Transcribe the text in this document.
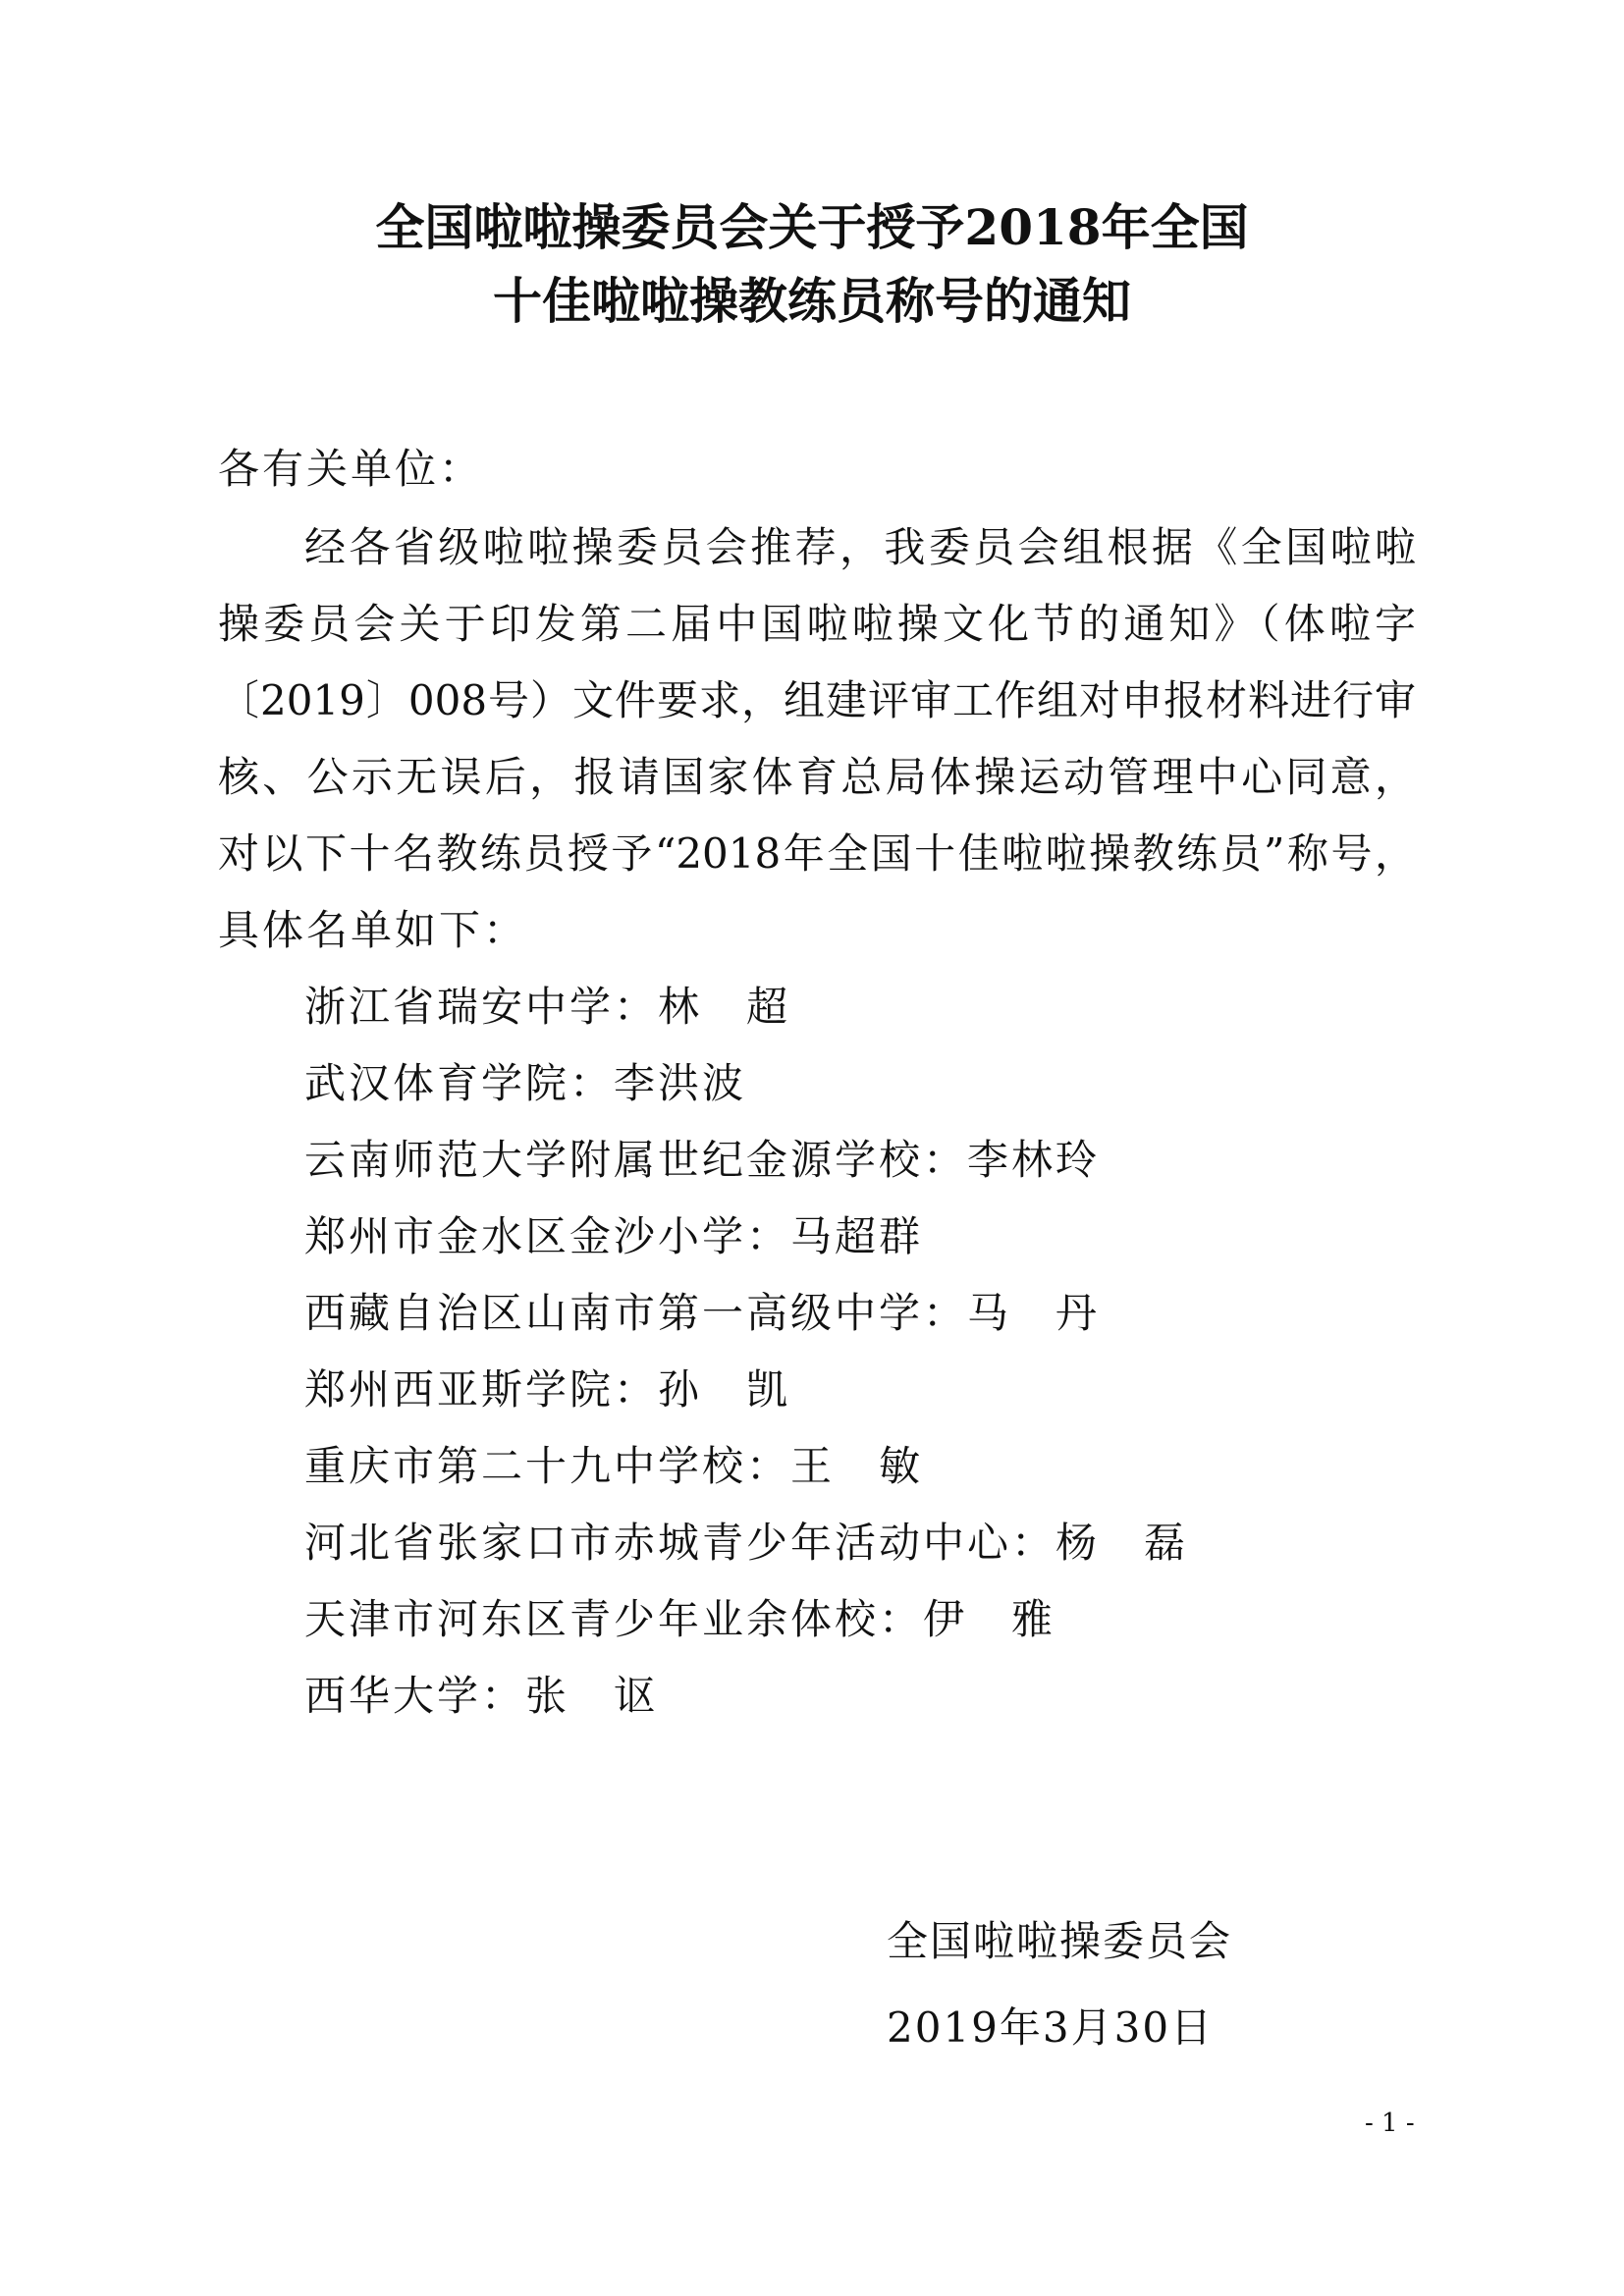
全国啦啦操委员会关于授予2018年全国
十佳啦啦操教练员称号的通知
各有关单位：
经各省级啦啦操委员会推荐，我委员会组根据《全国啦啦
操委员会关于印发第二届中国啦啦操文化节的通知》（体啦字
〔2019〕008号）文件要求，组建评审工作组对申报材料进行审
核、公示无误后，报请国家体育总局体操运动管理中心同意，
对以下十名教练员授予“2018年全国十佳啦啦操教练员”称号，
具体名单如下：
浙江省瑞安中学：林　超
武汉体育学院：李洪波
云南师范大学附属世纪金源学校：李林玲
郑州市金水区金沙小学：马超群
西藏自治区山南市第一高级中学：马　丹
郑州西亚斯学院：孙　凯
重庆市第二十九中学校：王　敏
河北省张家口市赤城青少年活动中心：杨　磊
天津市河东区青少年业余体校：伊　雅
西华大学：张　讴
全国啦啦操委员会
2019年3月30日
- 1 -
